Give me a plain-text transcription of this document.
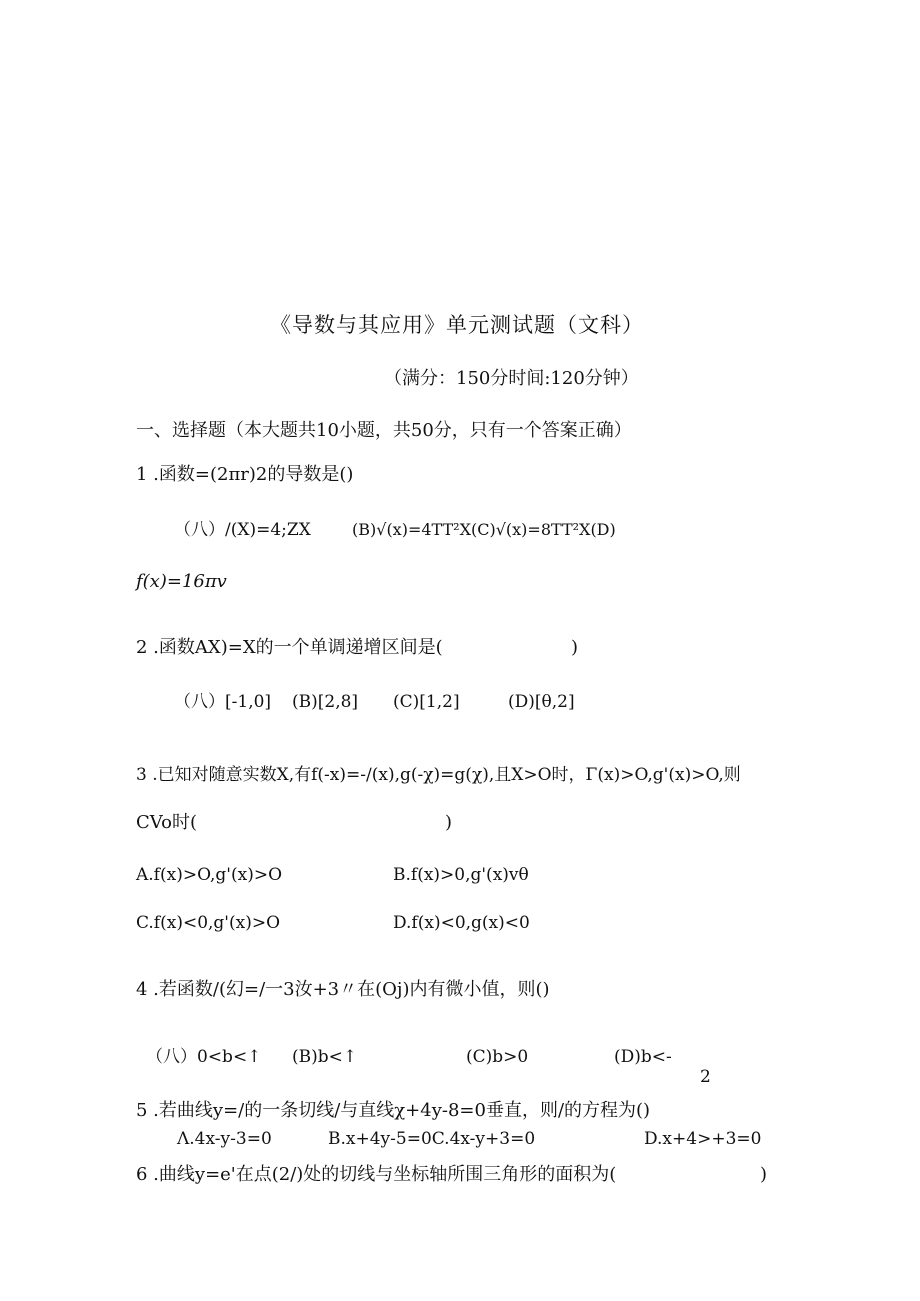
《导数与其应用》单元测试题（文科）
（满分：150分时间:120分钟）
一、选择题（本大题共10小题，共50分，只有一个答案正确）
1 .函数=(2πr)2的导数是()
（八）/(X)=4;ZX	(B)√(x)=4TT²X(C)√(x)=8TT²X(D)
f(x)=16πv
2 .函数AX)=X的一个单调递增区间是(	)
（八）[-1,0] (B)[2,8] (C)[1,2]	(D)[θ,2]
3 .已知对随意实数X,有f(-x)=-∕(x),g(-χ)=g(χ),且X>O时，Γ(x)>O,g'(x)>O,则
CVo时(	)
A.f(x)>O,g'(x)>O	B.f(x)>0,g'(x)vθ
C.f(x)<0,g'(x)>O	D.f(x)<0,g(x)<0
4 .若函数/(幻=/一3汝+3〃在(Oj)内有微小值，则()
（八）0<b<↑ (B)b<↑	(C)b>0	(D)b<-
2
5 .若曲线y=/的一条切线/与直线χ+4y-8=0垂直，则/的方程为()
Λ.4x-y-3=0	B.x+4y-5=0C.4x-y+3=0	D.x+4>+3=0
6 .曲线y=e'在点(2/)处的切线与坐标轴所围三角形的面积为(	)
